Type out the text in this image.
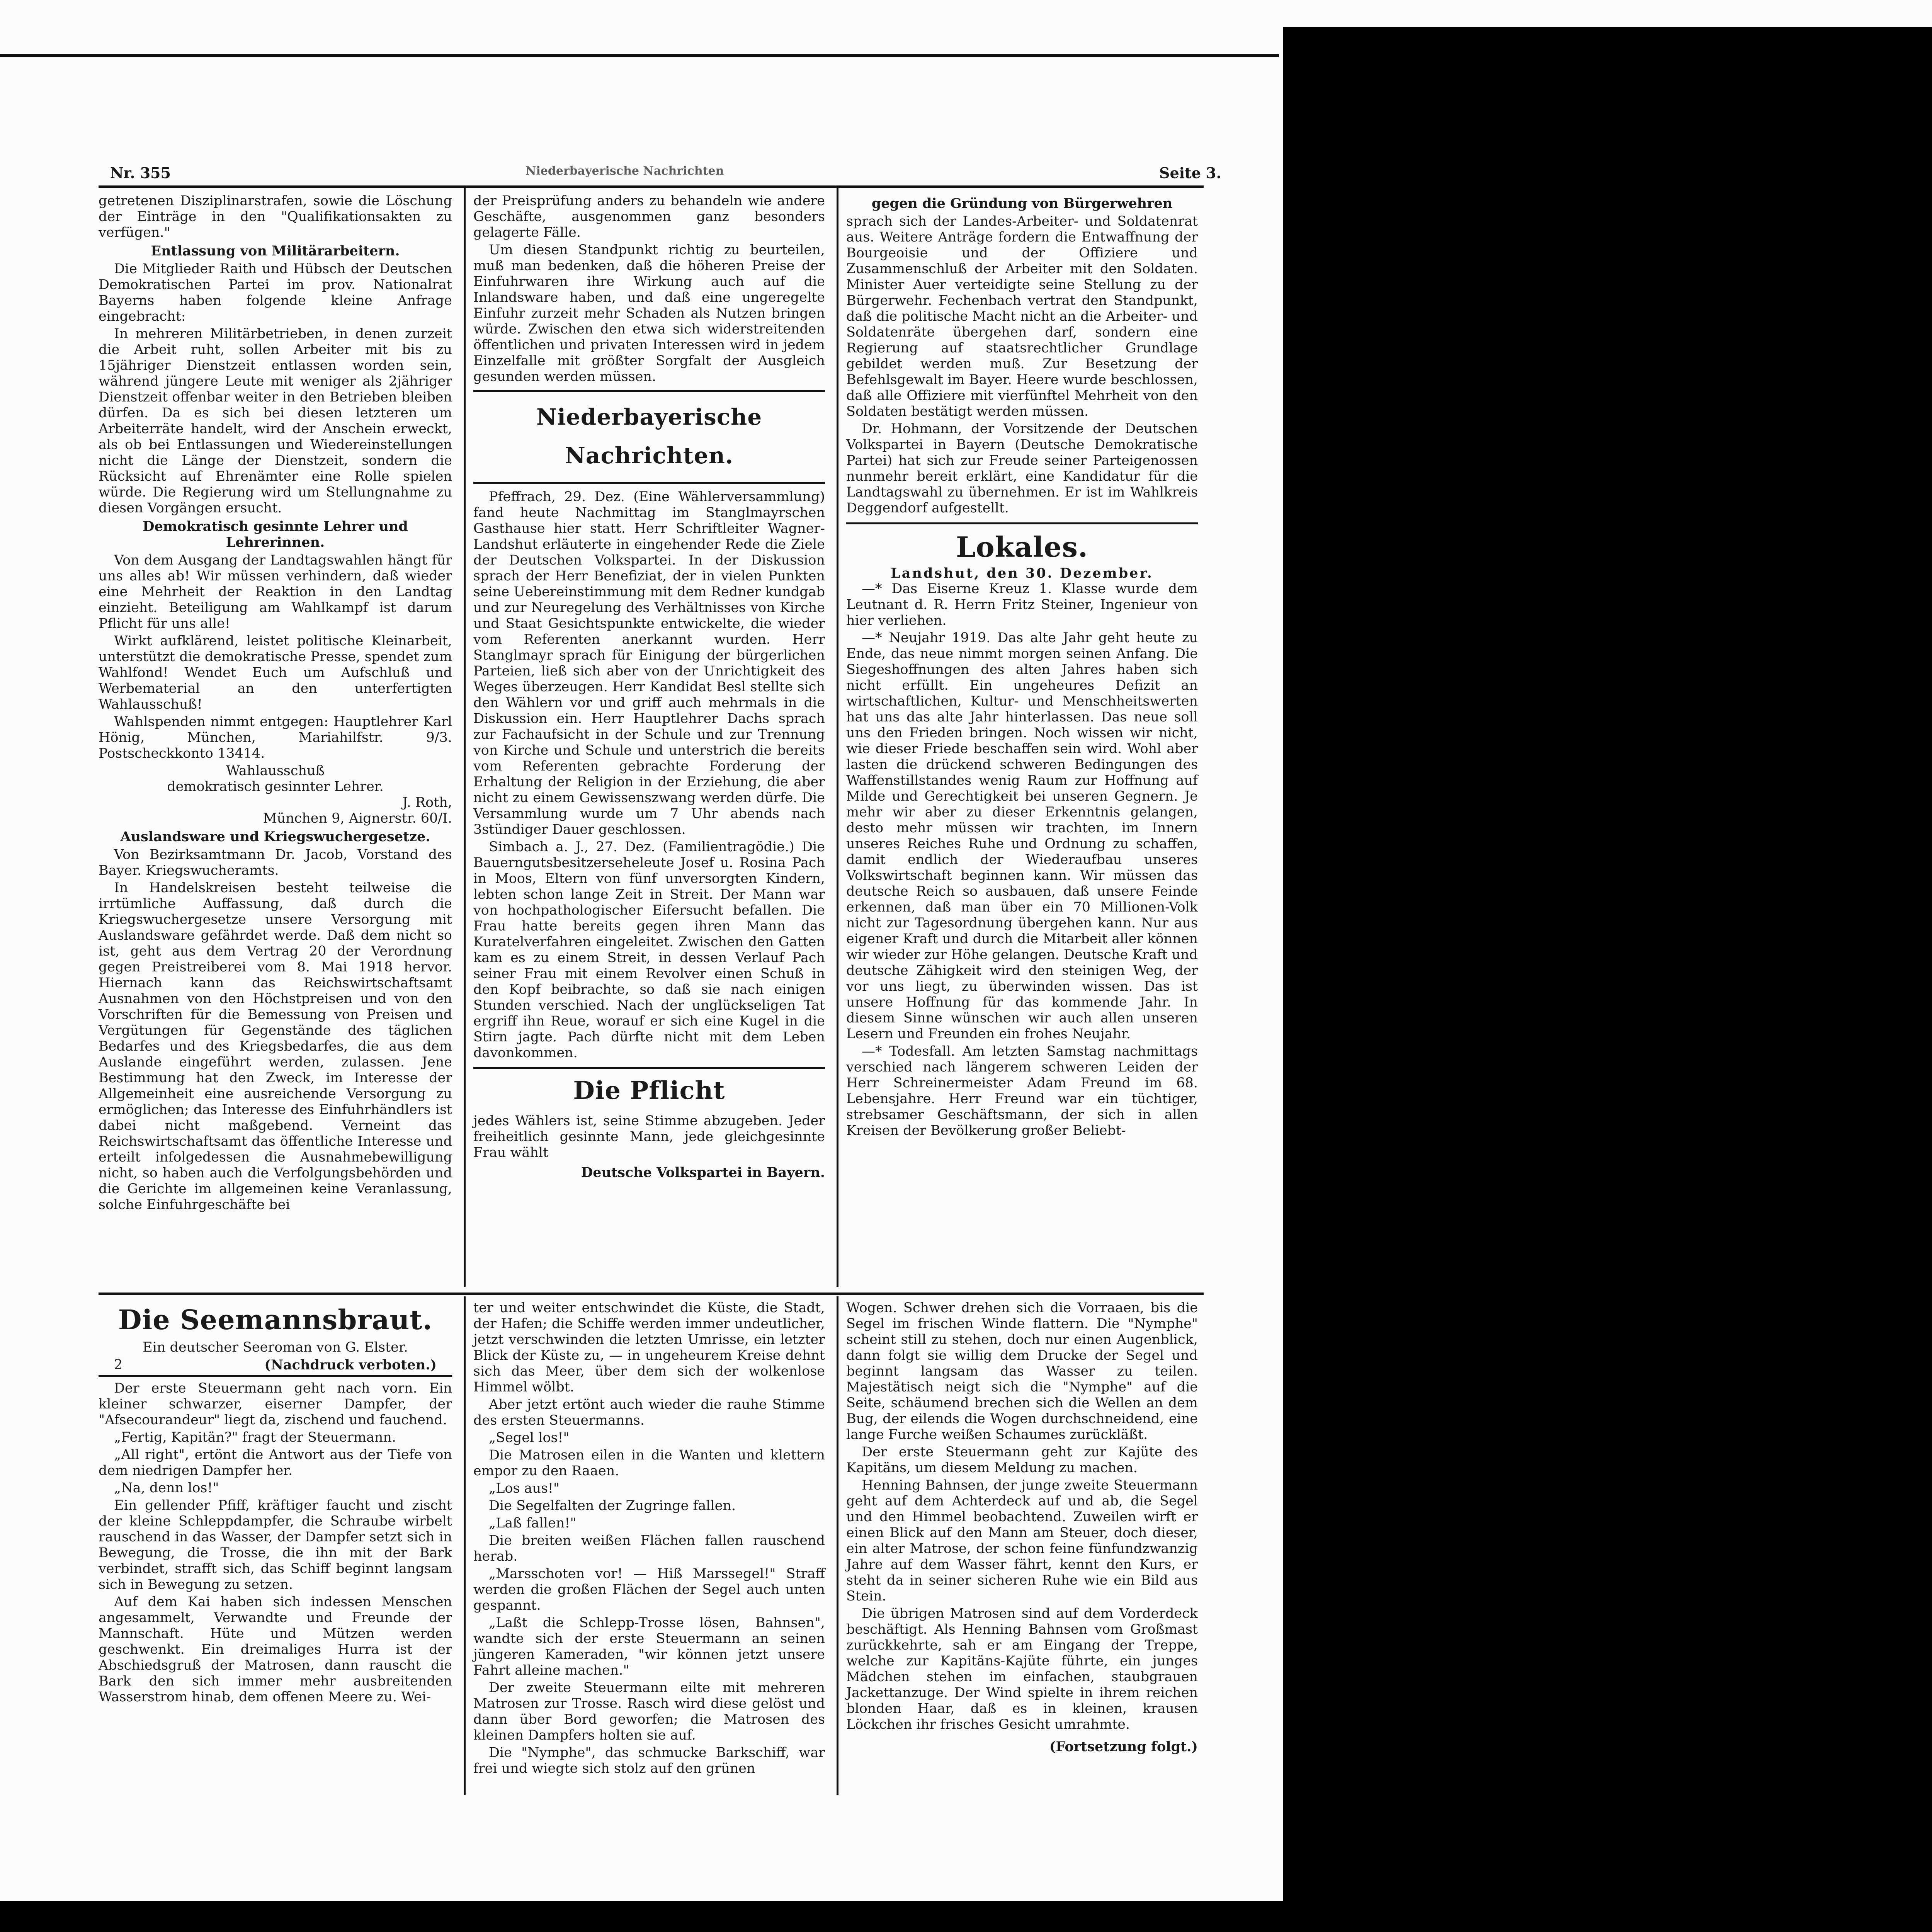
Nr. 355	Niederbayerische Nachrichten	Seite 3.

getretenen Disziplinarstrafen, sowie die Löschung der Einträge in den "Qualifikationsakten zu verfügen."

Entlassung von Militärarbeitern.

Die Mitglieder Raith und Hübsch der Deutschen Demokratischen Partei im prov. Nationalrat Bayerns haben folgende kleine Anfrage eingebracht:

In mehreren Militärbetrieben, in denen zurzeit die Arbeit ruht, sollen Arbeiter mit bis zu 15jähriger Dienstzeit entlassen worden sein, während jüngere Leute mit weniger als 2jähriger Dienstzeit offenbar weiter in den Betrieben bleiben dürfen. Da es sich bei diesen letzteren um Arbeiterräte handelt, wird der Anschein erweckt, als ob bei Entlassungen und Wiedereinstellungen nicht die Länge der Dienstzeit, sondern die Rücksicht auf Ehrenämter eine Rolle spielen würde. Die Regierung wird um Stellungnahme zu diesen Vorgängen ersucht.

Demokratisch gesinnte Lehrer und Lehrerinnen.

Von dem Ausgang der Landtagswahlen hängt für uns alles ab! Wir müssen verhindern, daß wieder eine Mehrheit der Reaktion in den Landtag einzieht. Beteiligung am Wahlkampf ist darum Pflicht für uns alle!

Wirkt aufklärend, leistet politische Kleinarbeit, unterstützt die demokratische Presse, spendet zum Wahlfond! Wendet Euch um Aufschluß und Werbematerial an den unterfertigten Wahlausschuß!

Wahlspenden nimmt entgegen: Hauptlehrer Karl Hönig, München, Mariahilfstr. 9/3. Postscheckkonto 13414.

Wahlausschuß

demokratisch gesinnter Lehrer.

J. Roth,

München 9, Aignerstr. 60/I.

Auslandsware und Kriegswuchergesetze.

Von Bezirksamtmann Dr. Jacob, Vorstand des Bayer. Kriegswucheramts.

In Handelskreisen besteht teilweise die irrtümliche Auffassung, daß durch die Kriegswuchergesetze unsere Versorgung mit Auslandsware gefährdet werde. Daß dem nicht so ist, geht aus dem Vertrag 20 der Verordnung gegen Preistreiberei vom 8. Mai 1918 hervor. Hiernach kann das Reichswirtschaftsamt Ausnahmen von den Höchstpreisen und von den Vorschriften für die Bemessung von Preisen und Vergütungen für Gegenstände des täglichen Bedarfes und des Kriegsbedarfes, die aus dem Auslande eingeführt werden, zulassen. Jene Bestimmung hat den Zweck, im Interesse der Allgemeinheit eine ausreichende Versorgung zu ermöglichen; das Interesse des Einfuhrhändlers ist dabei nicht maßgebend. Verneint das Reichswirtschaftsamt das öffentliche Interesse und erteilt infolgedessen die Ausnahmebewilligung nicht, so haben auch die Verfolgungsbehörden und die Gerichte im allgemeinen keine Veranlassung, solche Einfuhrgeschäfte bei

der Preisprüfung anders zu behandeln wie andere Geschäfte, ausgenommen ganz besonders gelagerte Fälle.

Um diesen Standpunkt richtig zu beurteilen, muß man bedenken, daß die höheren Preise der Einfuhrwaren ihre Wirkung auch auf die Inlandsware haben, und daß eine ungeregelte Einfuhr zurzeit mehr Schaden als Nutzen bringen würde. Zwischen den etwa sich widerstreitenden öffentlichen und privaten Interessen wird in jedem Einzelfalle mit größter Sorgfalt der Ausgleich gesunden werden müssen.

Niederbayerische Nachrichten.

Pfeffrach, 29. Dez. (Eine Wählerversammlung) fand heute Nachmittag im Stanglmayrschen Gasthause hier statt. Herr Schriftleiter Wagner-Landshut erläuterte in eingehender Rede die Ziele der Deutschen Volkspartei. In der Diskussion sprach der Herr Benefiziat, der in vielen Punkten seine Uebereinstimmung mit dem Redner kundgab und zur Neuregelung des Verhältnisses von Kirche und Staat Gesichtspunkte entwickelte, die wieder vom Referenten anerkannt wurden. Herr Stanglmayr sprach für Einigung der bürgerlichen Parteien, ließ sich aber von der Unrichtigkeit des Weges überzeugen. Herr Kandidat Besl stellte sich den Wählern vor und griff auch mehrmals in die Diskussion ein. Herr Hauptlehrer Dachs sprach zur Fachaufsicht in der Schule und zur Trennung von Kirche und Schule und unterstrich die bereits vom Referenten gebrachte Forderung der Erhaltung der Religion in der Erziehung, die aber nicht zu einem Gewissenszwang werden dürfe. Die Versammlung wurde um 7 Uhr abends nach 3stündiger Dauer geschlossen.

Simbach a. J., 27. Dez. (Familientragödie.) Die Bauerngutsbesitzerseheleute Josef u. Rosina Pach in Moos, Eltern von fünf unversorgten Kindern, lebten schon lange Zeit in Streit. Der Mann war von hochpathologischer Eifersucht befallen. Die Frau hatte bereits gegen ihren Mann das Kuratelverfahren eingeleitet. Zwischen den Gatten kam es zu einem Streit, in dessen Verlauf Pach seiner Frau mit einem Revolver einen Schuß in den Kopf beibrachte, so daß sie nach einigen Stunden verschied. Nach der unglückseligen Tat ergriff ihn Reue, worauf er sich eine Kugel in die Stirn jagte. Pach dürfte nicht mit dem Leben davonkommen.

Die Pflicht

jedes Wählers ist, seine Stimme abzugeben. Jeder freiheitlich gesinnte Mann, jede gleichgesinnte Frau wählt

Deutsche Volkspartei in Bayern.

gegen die Gründung von Bürgerwehren

sprach sich der Landes-Arbeiter- und Soldatenrat aus. Weitere Anträge fordern die Entwaffnung der Bourgeoisie und der Offiziere und Zusammenschluß der Arbeiter mit den Soldaten. Minister Auer verteidigte seine Stellung zu der Bürgerwehr. Fechenbach vertrat den Standpunkt, daß die politische Macht nicht an die Arbeiter- und Soldatenräte übergehen darf, sondern eine Regierung auf staatsrechtlicher Grundlage gebildet werden muß. Zur Besetzung der Befehlsgewalt im Bayer. Heere wurde beschlossen, daß alle Offiziere mit vierfünftel Mehrheit von den Soldaten bestätigt werden müssen.

Dr. Hohmann, der Vorsitzende der Deutschen Volkspartei in Bayern (Deutsche Demokratische Partei) hat sich zur Freude seiner Parteigenossen nunmehr bereit erklärt, eine Kandidatur für die Landtagswahl zu übernehmen. Er ist im Wahlkreis Deggendorf aufgestellt.

Lokales.

Landshut, den 30. Dezember.

—* Das Eiserne Kreuz 1. Klasse wurde dem Leutnant d. R. Herrn Fritz Steiner, Ingenieur von hier verliehen.

—* Neujahr 1919. Das alte Jahr geht heute zu Ende, das neue nimmt morgen seinen Anfang. Die Siegeshoffnungen des alten Jahres haben sich nicht erfüllt. Ein ungeheures Defizit an wirtschaftlichen, Kultur- und Menschheitswerten hat uns das alte Jahr hinterlassen. Das neue soll uns den Frieden bringen. Noch wissen wir nicht, wie dieser Friede beschaffen sein wird. Wohl aber lasten die drückend schweren Bedingungen des Waffenstillstandes wenig Raum zur Hoffnung auf Milde und Gerechtigkeit bei unseren Gegnern. Je mehr wir aber zu dieser Erkenntnis gelangen, desto mehr müssen wir trachten, im Innern unseres Reiches Ruhe und Ordnung zu schaffen, damit endlich der Wiederaufbau unseres Volkswirtschaft beginnen kann. Wir müssen das deutsche Reich so ausbauen, daß unsere Feinde erkennen, daß man über ein 70 Millionen-Volk nicht zur Tagesordnung übergehen kann. Nur aus eigener Kraft und durch die Mitarbeit aller können wir wieder zur Höhe gelangen. Deutsche Kraft und deutsche Zähigkeit wird den steinigen Weg, der vor uns liegt, zu überwinden wissen. Das ist unsere Hoffnung für das kommende Jahr. In diesem Sinne wünschen wir auch allen unseren Lesern und Freunden ein frohes Neujahr.

—* Todesfall. Am letzten Samstag nachmittags verschied nach längerem schweren Leiden der Herr Schreinermeister Adam Freund im 68. Lebensjahre. Herr Freund war ein tüchtiger, strebsamer Geschäftsmann, der sich in allen Kreisen der Bevölkerung großer Beliebt-

Die Seemannsbraut.

Ein deutscher Seeroman von G. Elster.

2	(Nachdruck verboten.)

Der erste Steuermann geht nach vorn. Ein kleiner schwarzer, eiserner Dampfer, der "Afsecourandeur" liegt da, zischend und fauchend.

„Fertig, Kapitän?" fragt der Steuermann.

„All right", ertönt die Antwort aus der Tiefe von dem niedrigen Dampfer her.

„Na, denn los!"

Ein gellender Pfiff, kräftiger faucht und zischt der kleine Schleppdampfer, die Schraube wirbelt rauschend in das Wasser, der Dampfer setzt sich in Bewegung, die Trosse, die ihn mit der Bark verbindet, strafft sich, das Schiff beginnt langsam sich in Bewegung zu setzen.

Auf dem Kai haben sich indessen Menschen angesammelt, Verwandte und Freunde der Mannschaft. Hüte und Mützen werden geschwenkt. Ein dreimaliges Hurra ist der Abschiedsgruß der Matrosen, dann rauscht die Bark den sich immer mehr ausbreitenden Wasserstrom hinab, dem offenen Meere zu. Wei-

ter und weiter entschwindet die Küste, die Stadt, der Hafen; die Schiffe werden immer undeutlicher, jetzt verschwinden die letzten Umrisse, ein letzter Blick der Küste zu, — in ungeheurem Kreise dehnt sich das Meer, über dem sich der wolkenlose Himmel wölbt.

Aber jetzt ertönt auch wieder die rauhe Stimme des ersten Steuermanns.

„Segel los!"

Die Matrosen eilen in die Wanten und klettern empor zu den Raaen.

„Los aus!"

Die Segelfalten der Zugringe fallen.

„Laß fallen!"

Die breiten weißen Flächen fallen rauschend herab.

„Marsschoten vor! — Hiß Marssegel!" Straff werden die großen Flächen der Segel auch unten gespannt.

„Laßt die Schlepp-Trosse lösen, Bahnsen", wandte sich der erste Steuermann an seinen jüngeren Kameraden, "wir können jetzt unsere Fahrt alleine machen."

Der zweite Steuermann eilte mit mehreren Matrosen zur Trosse. Rasch wird diese gelöst und dann über Bord geworfen; die Matrosen des kleinen Dampfers holten sie auf.

Die "Nymphe", das schmucke Barkschiff, war frei und wiegte sich stolz auf den grünen

Wogen. Schwer drehen sich die Vorraaen, bis die Segel im frischen Winde flattern. Die "Nymphe" scheint still zu stehen, doch nur einen Augenblick, dann folgt sie willig dem Drucke der Segel und beginnt langsam das Wasser zu teilen. Majestätisch neigt sich die "Nymphe" auf die Seite, schäumend brechen sich die Wellen an dem Bug, der eilends die Wogen durchschneidend, eine lange Furche weißen Schaumes zurückläßt.

Der erste Steuermann geht zur Kajüte des Kapitäns, um diesem Meldung zu machen.

Henning Bahnsen, der junge zweite Steuermann geht auf dem Achterdeck auf und ab, die Segel und den Himmel beobachtend. Zuweilen wirft er einen Blick auf den Mann am Steuer, doch dieser, ein alter Matrose, der schon feine fünfundzwanzig Jahre auf dem Wasser fährt, kennt den Kurs, er steht da in seiner sicheren Ruhe wie ein Bild aus Stein.

Die übrigen Matrosen sind auf dem Vorderdeck beschäftigt. Als Henning Bahnsen vom Großmast zurückkehrte, sah er am Eingang der Treppe, welche zur Kapitäns-Kajüte führte, ein junges Mädchen stehen im einfachen, staubgrauen Jackettanzuge. Der Wind spielte in ihrem reichen blonden Haar, daß es in kleinen, krausen Löckchen ihr frisches Gesicht umrahmte.

(Fortsetzung folgt.)
